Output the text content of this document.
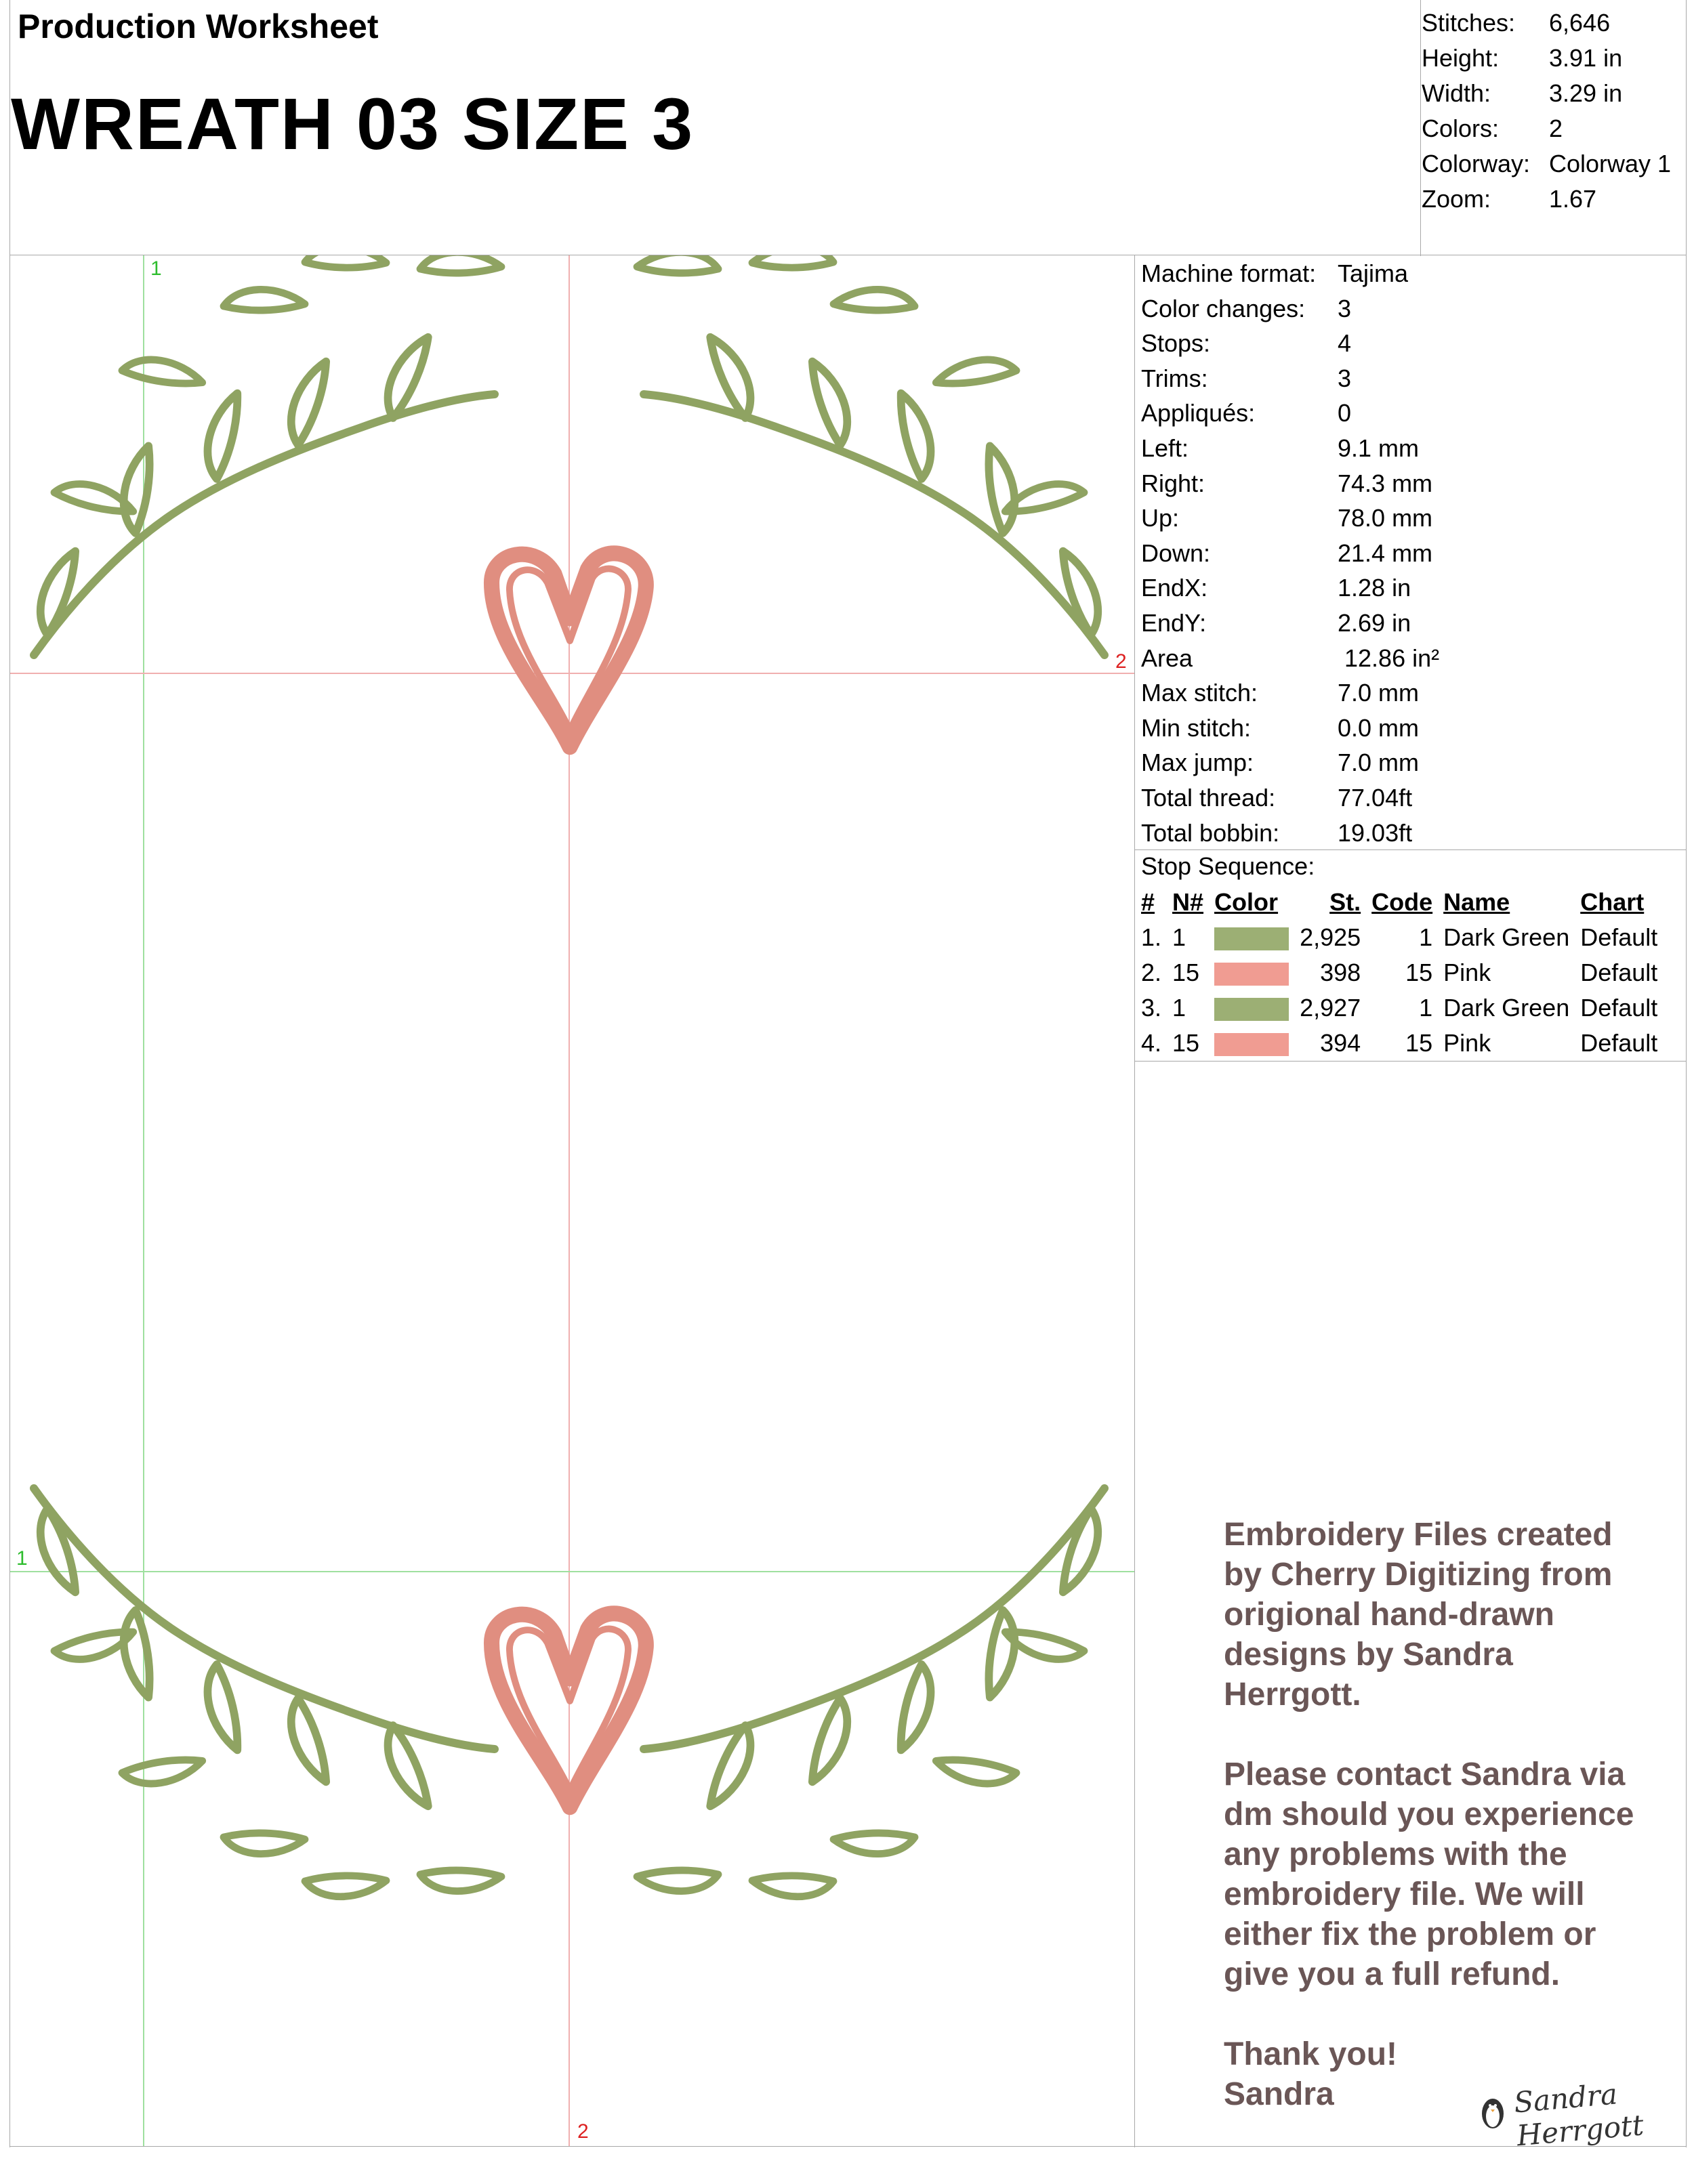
Production Worksheet
WREATH 03 SIZE 3
Stitches:	6,646
Height:	3.91 in
Width:	3.29 in
Colors:	2
Colorway: Colorway 1
Zoom:	1.67
1
2
1
2
Machine format: Tajima
Color changes:	3
Stops:	4
Trims:	3
Appliqués:	0
Left:	9.1 mm
Right:	74.3 mm
Up:	78.0 mm
Down:	21.4 mm
EndX:	1.28 in
EndY:	2.69 in
Area	12.86 in²
Max stitch:	7.0 mm
Min stitch:	0.0 mm
Max jump:	7.0 mm
Total thread:	77.04ft
Total bobbin:	19.03ft
Stop Sequence:
#	N#	Color	St.	Code	Name	Chart
1.	1		2,925	1	Dark Green	Default
2.	15		398	15	Pink	Default
3.	1		2,927	1	Dark Green	Default
4.	15		394	15	Pink	Default

Embroidery Files created by Cherry Digitizing from origional hand-drawn designs by Sandra Herrgott.

Please contact Sandra via dm should you experience any problems with the embroidery file. We will either fix the problem or give you a full refund.

Thank you!
Sandra	Sandra Herrgott
